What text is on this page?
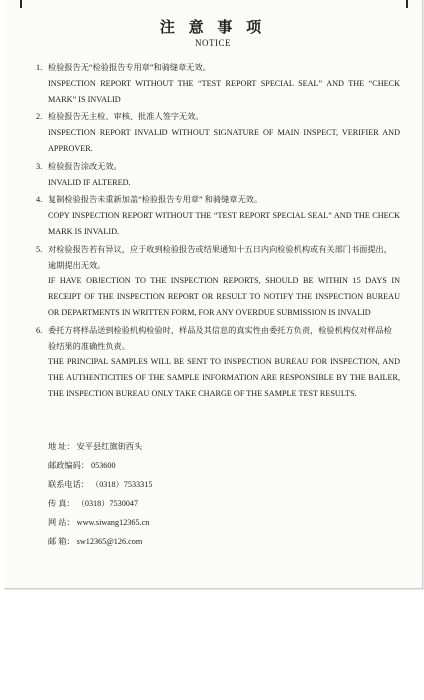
注 意 事 项
NOTICE
1. 检验报告无“检验报告专用章”和骑缝章无效。
INSPECTION REPORT WITHOUT THE “TEST REPORT SPECIAL SEAL” AND THE “CHECK MARK” IS INVALID
2. 检验报告无主检、审核、批准人签字无效。
INSPECTION REPORT INVALID WITHOUT SIGNATURE OF MAIN INSPECT, VERIFIER AND APPROVER.
3. 检验报告涂改无效。
INVALID IF ALTERED.
4. 复制检验报告未重新加盖“检验报告专用章” 和骑缝章无效。
COPY INSPECTION REPORT WITHOUT THE “TEST REPORT SPECIAL SEAL” AND THE CHECK MARK IS INVALID.
5. 对检验报告若有异议，应于收到检验报告或结果通知十五日内向检验机构或有关部门书面提出，逾期提出无效。
IF HAVE OBJECTION TO THE INSPECTION REPORTS, SHOULD BE WITHIN 15 DAYS IN RECEIPT OF THE INSPECTION REPORT OR RESULT TO NOTIFY THE INSPECTION BUREAU OR DEPARTMENTS IN WRITTEN FORM, FOR ANY OVERDUE SUBMISSION IS INVALID
6. 委托方将样品送到检验机构检验时，样品及其信息的真实性由委托方负责，检验机构仅对样品检验结果的准确性负责。
THE PRINCIPAL SAMPLES WILL BE SENT TO INSPECTION BUREAU FOR INSPECTION, AND THE AUTHENTICITIES OF THE SAMPLE INFORMATION ARE RESPONSIBLE BY THE BAILER, THE INSPECTION BUREAU ONLY TAKE CHARGE OF THE SAMPLE TEST RESULTS.
地 址： 安平县红旗街西头
邮政编码： 053600
联系电话： （0318）7533315
传 真： （0318）7530047
网 站： www.siwang12365.cn
邮 箱： sw12365@126.com
